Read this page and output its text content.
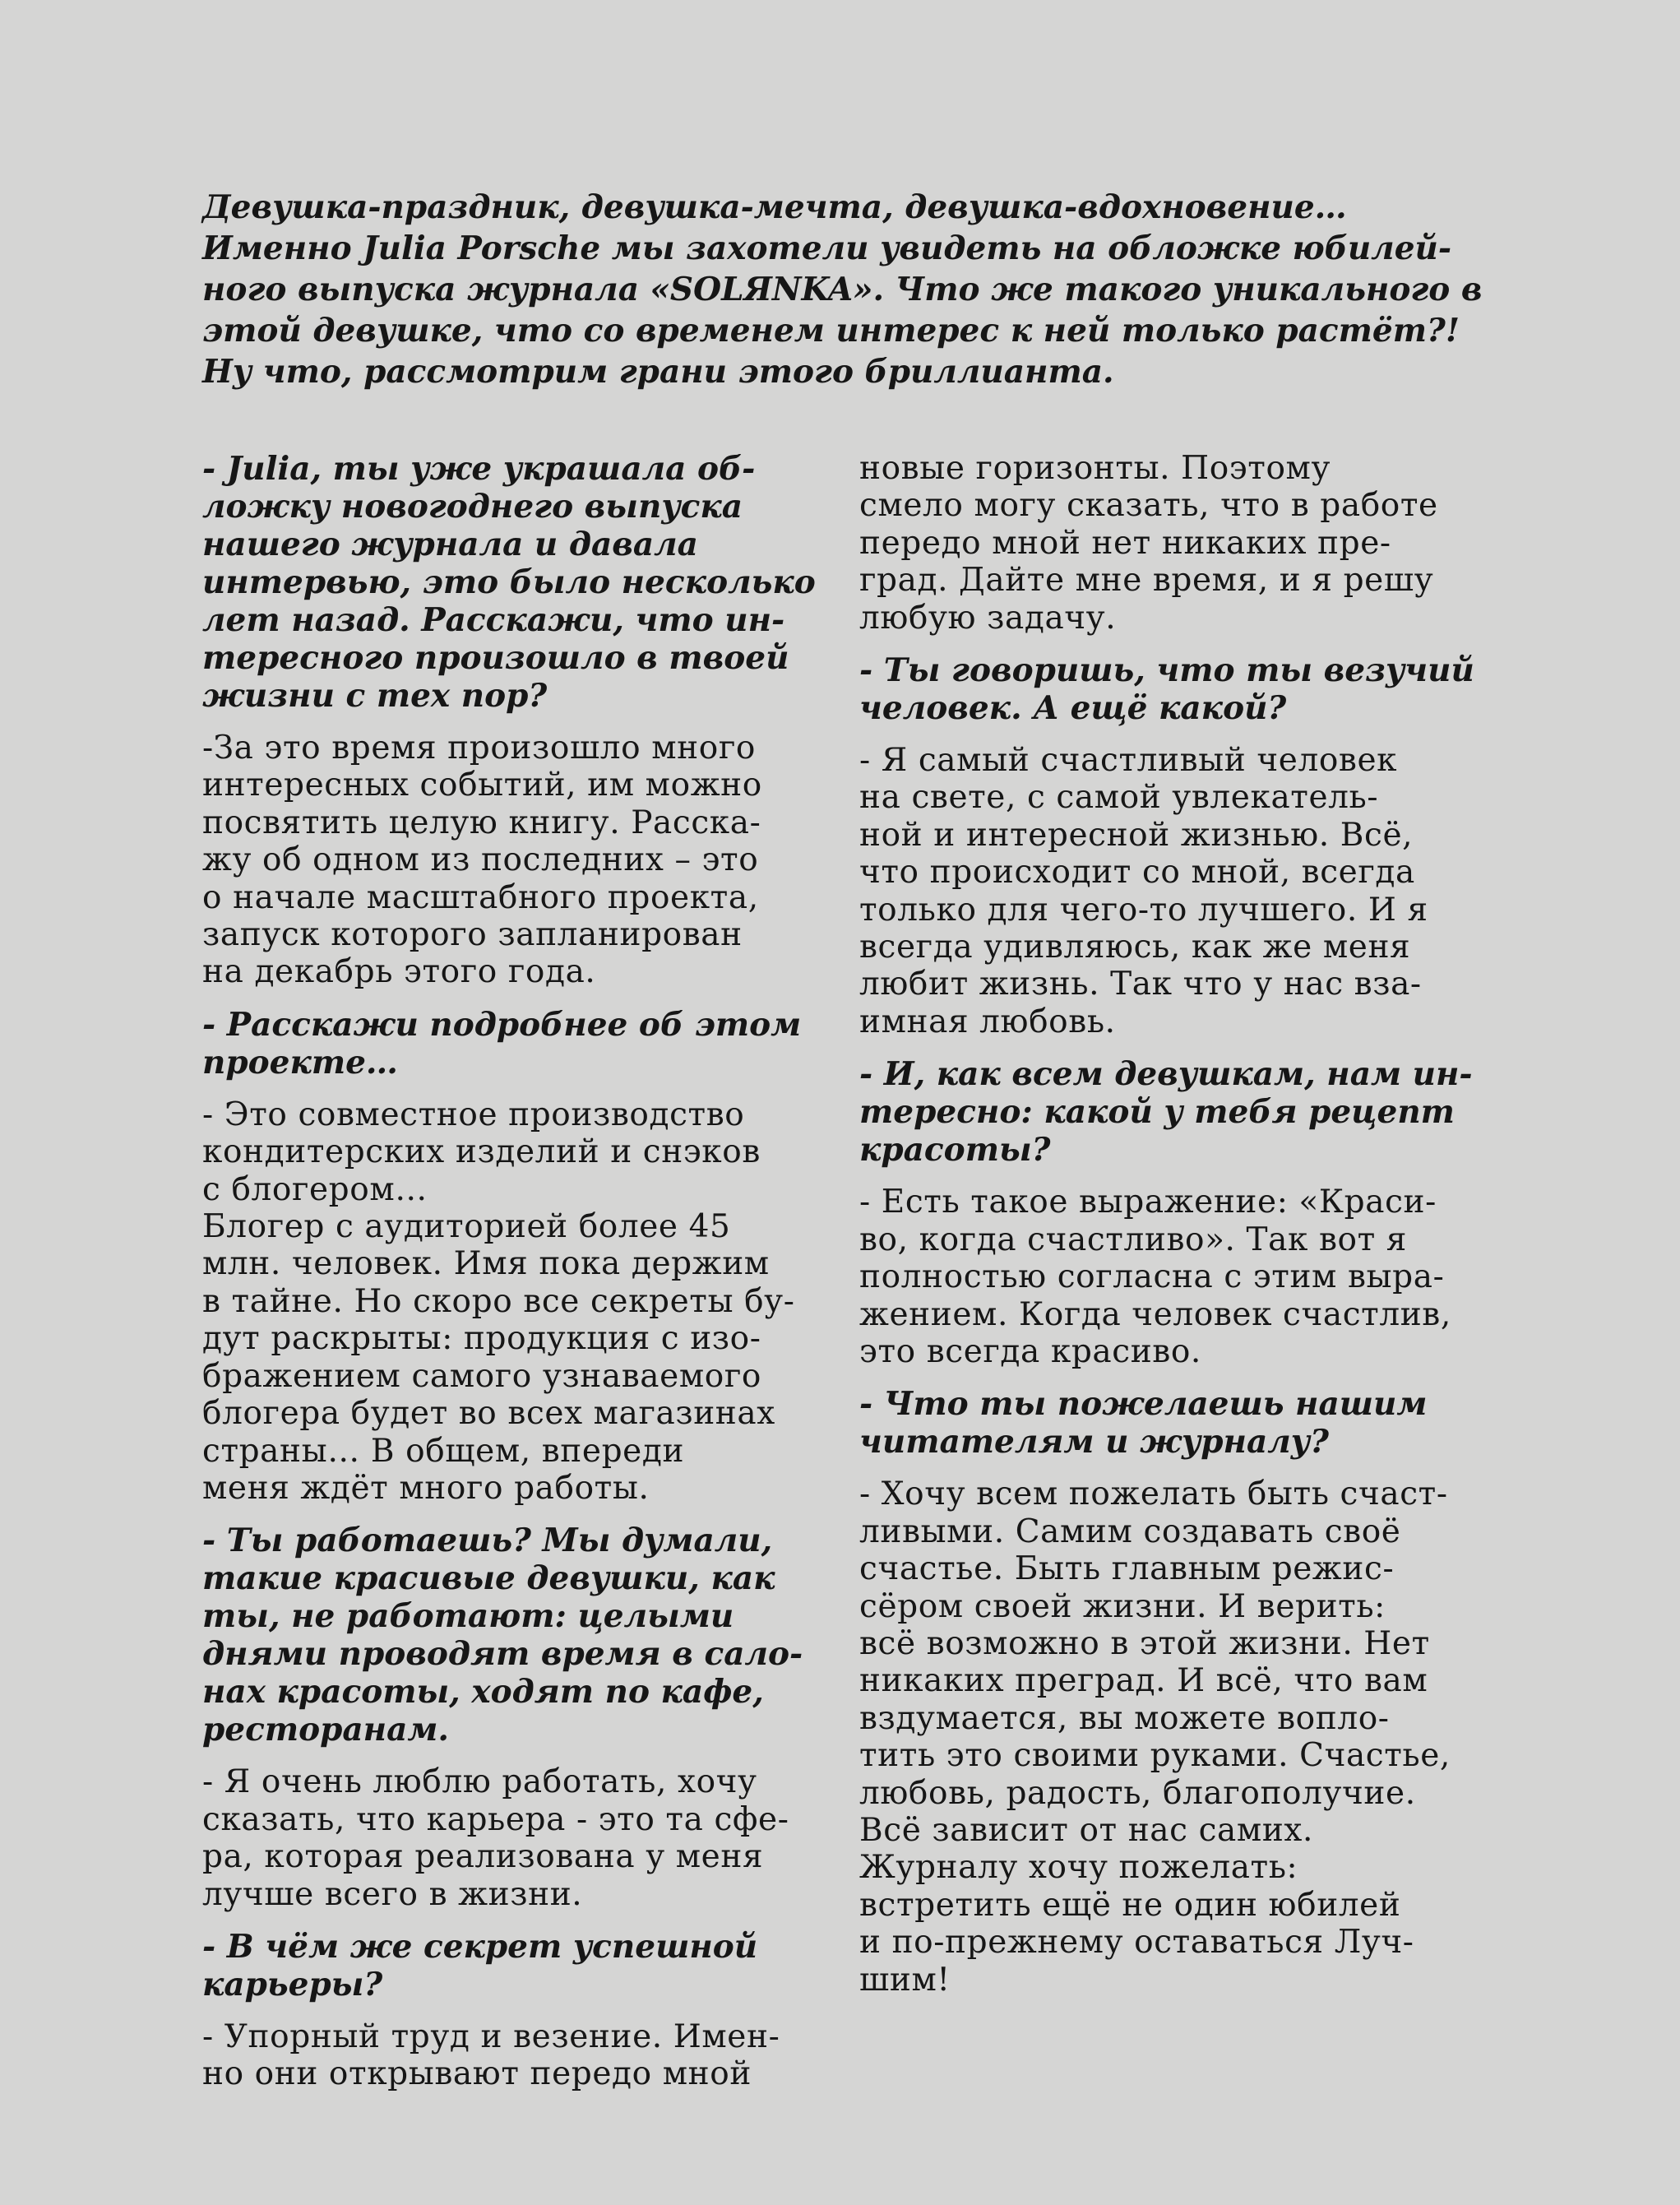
Девушка-праздник, девушка-мечта, девушка-вдохновение…
Именно Julia Porsche мы захотели увидеть на обложке юбилей-
ного выпуска журнала «SOLЯNKA». Что же такого уникального в
этой девушке, что со временем интерес к ней только растёт?!
Ну что, рассмотрим грани этого бриллианта.

- Julia, ты уже украшала об-
ложку новогоднего выпуска
нашего журнала и давала
интервью, это было несколько
лет назад. Расскажи, что ин-
тересного произошло в твоей
жизни с тех пор?

-За это время произошло много
интересных событий, им можно
посвятить целую книгу. Расска-
жу об одном из последних – это
о начале масштабного проекта,
запуск которого запланирован
на декабрь этого года.

- Расскажи подробнее об этом
проекте…

- Это совместное производство
кондитерских изделий и снэков
с блогером…
Блогер с аудиторией более 45
млн. человек. Имя пока держим
в тайне. Но скоро все секреты бу-
дут раскрыты: продукция с изо-
бражением самого узнаваемого
блогера будет во всех магазинах
страны… В общем, впереди
меня ждёт много работы.

- Ты работаешь? Мы думали,
такие красивые девушки, как
ты, не работают: целыми
днями проводят время в сало-
нах красоты, ходят по кафе,
ресторанам.

- Я очень люблю работать, хочу
сказать, что карьера - это та сфе-
ра, которая реализована у меня
лучше всего в жизни.

- В чём же секрет успешной
карьеры?

- Упорный труд и везение. Имен-
но они открывают передо мной

новые горизонты. Поэтому
смело могу сказать, что в работе
передо мной нет никаких пре-
град. Дайте мне время, и я решу
любую задачу.

- Ты говоришь, что ты везучий
человек. А ещё какой?

- Я самый счастливый человек
на свете, с самой увлекатель-
ной и интересной жизнью. Всё,
что происходит со мной, всегда
только для чего-то лучшего. И я
всегда удивляюсь, как же меня
любит жизнь. Так что у нас вза-
имная любовь.

- И, как всем девушкам, нам ин-
тересно: какой у тебя рецепт
красоты?

- Есть такое выражение: «Краси-
во, когда счастливо». Так вот я
полностью согласна с этим выра-
жением. Когда человек счастлив,
это всегда красиво.

- Что ты пожелаешь нашим
читателям и журналу?

- Хочу всем пожелать быть счаст-
ливыми. Самим создавать своё
счастье. Быть главным режис-
сёром своей жизни. И верить:
всё возможно в этой жизни. Нет
никаких преград. И всё, что вам
вздумается, вы можете вопло-
тить это своими руками. Счастье,
любовь, радость, благополучие.
Всё зависит от нас самих.
Журналу хочу пожелать:
встретить ещё не один юбилей
и по-прежнему оставаться Луч-
шим!
